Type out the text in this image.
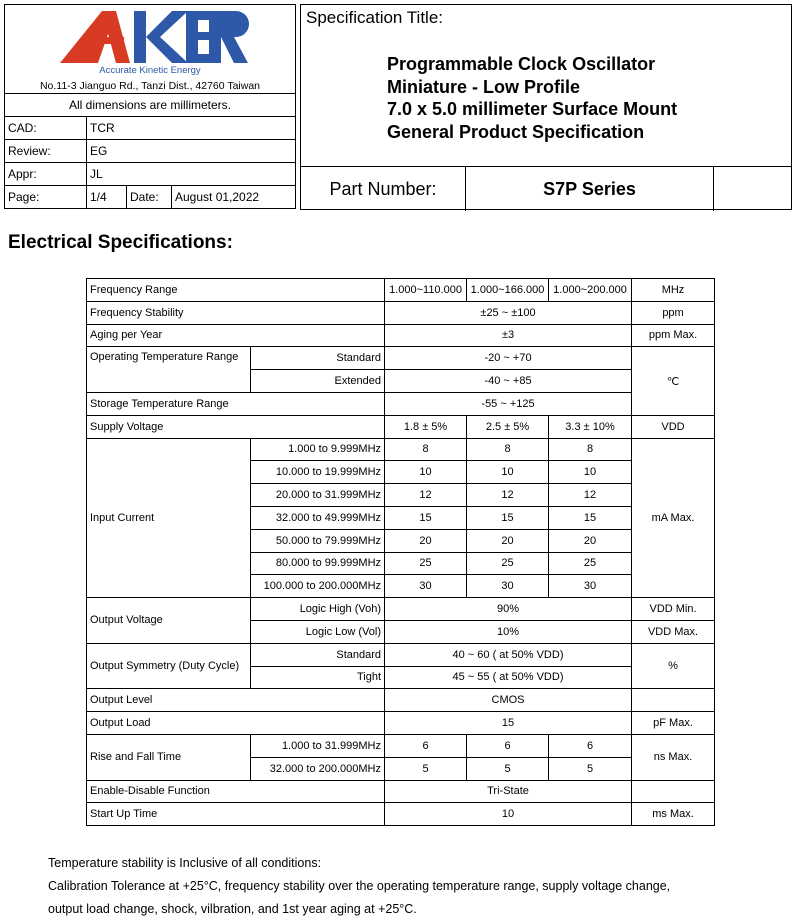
Accurate Kinetic Energy
No.11-3 Jianguo Rd., Tanzi Dist., 42760 Taiwan			

All dimensions are millimeters.			
CAD:	TCR		
Review:	EG		
Appr:	JL		
Page:	1/4	Date:	August 01,2022
Specification Title:
Programmable Clock Oscillator
Miniature - Low Profile
7.0 x 5.0 millimeter Surface Mount
General Product Specification
Part Number:	S7P Series
Electrical Specifications:
Frequency Range		1.000~110.000	1.000~166.000	1.000~200.000	MHz
Frequency Stability		±25 ~ ±100			ppm
Aging per Year		±3			ppm Max.
Operating Temperature Range	Standard	-20 ~ +70			℃
	Extended	-40 ~ +85			
Storage Temperature Range		-55 ~ +125			
Supply Voltage		1.8 ± 5%	2.5 ± 5%	3.3 ± 10%	VDD
Input Current	1.000 to 9.999MHz	8	8	8	mA Max.
	10.000 to 19.999MHz	10	10	10	
	20.000 to 31.999MHz	12	12	12	
	32.000 to 49.999MHz	15	15	15	
	50.000 to 79.999MHz	20	20	20	
	80.000 to 99.999MHz	25	25	25	
	100.000 to 200.000MHz	30	30	30	
Output Voltage	Logic High (Voh)	90%			VDD Min.
	Logic Low (Vol)	10%			VDD Max.
Output Symmetry (Duty Cycle)	Standard	40 ~ 60 ( at 50% VDD)			%
	Tight	45 ~ 55 ( at 50% VDD)			
Output Level		CMOS			
Output Load		15			pF Max.
Rise and Fall Time	1.000 to 31.999MHz	6	6	6	ns Max.
	32.000 to 200.000MHz	5	5	5	
Enable-Disable Function		Tri-State			
Start Up Time		10			ms Max.
Temperature stability is Inclusive of all conditions:
Calibration Tolerance at +25°C, frequency stability over the operating temperature range, supply voltage change,
output load change, shock, vilbration, and 1st year aging at +25°C.
